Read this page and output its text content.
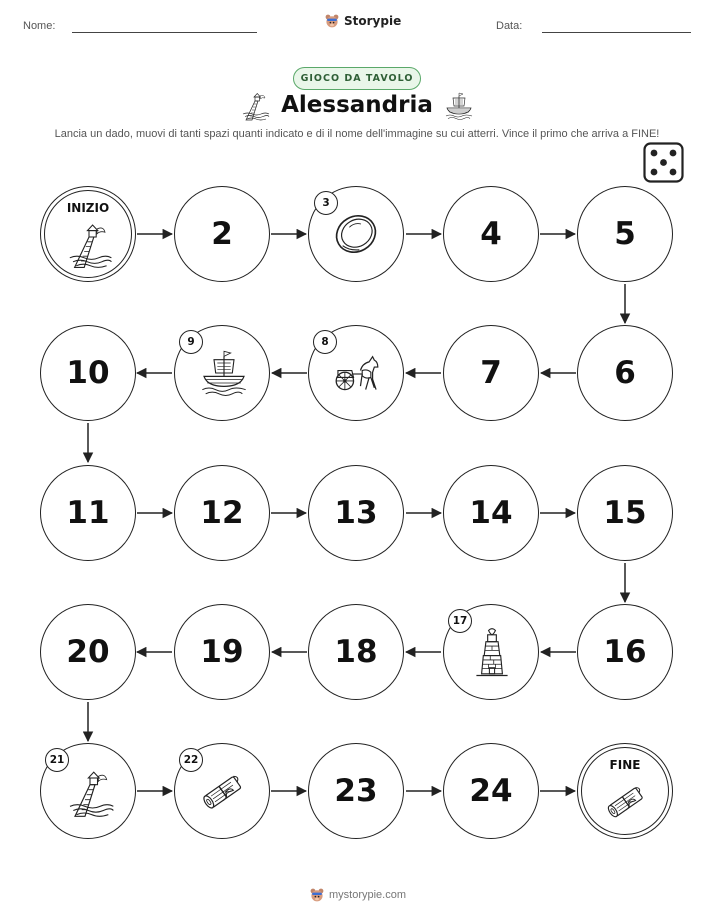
Nome:	Storypie	Data:
GIOCO DA TAVOLO
Alessandria
Lancia un dado, muovi di tanti spazi quanti indicato e di il nome dell'immagine su cui atterri. Vince il primo che arriva a FINE!
INIZIO
2
3
4	5
10
9	8
7	6
11	12	13	14	15
20	19	18
17
16
21	22
23	24
FINE
mystorypie.com
